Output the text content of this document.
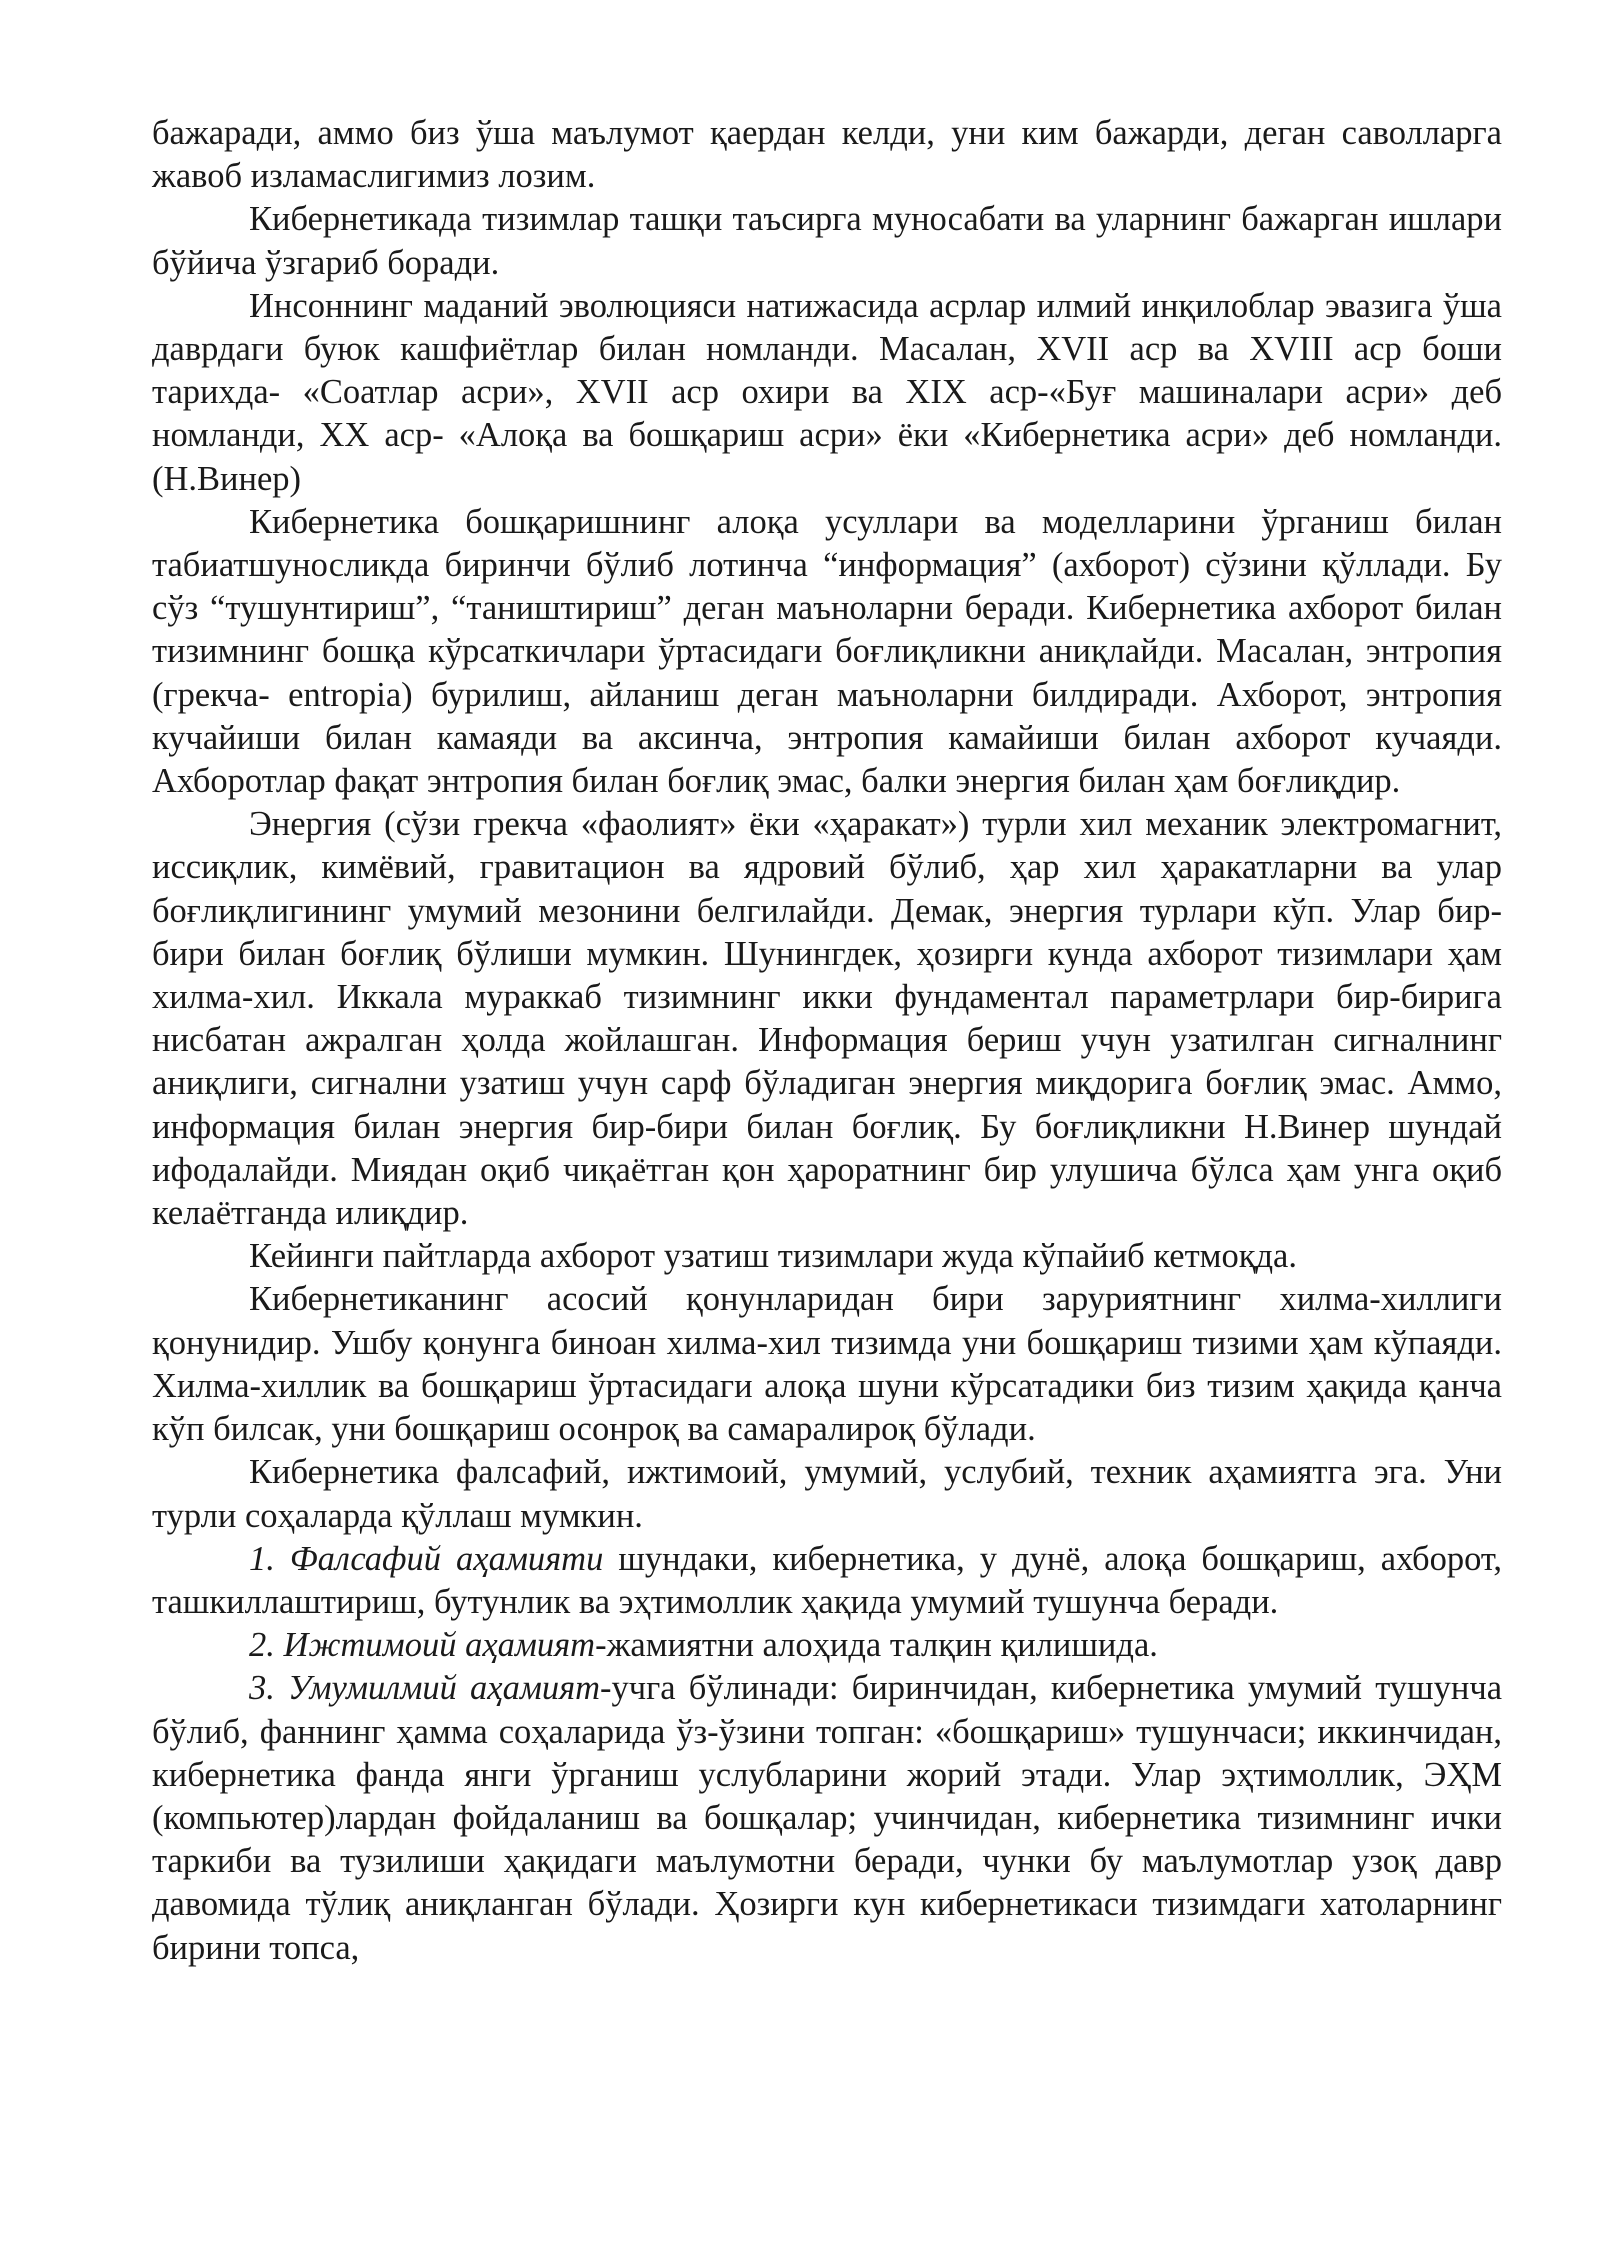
бажаради, аммо биз ўша маълумот қаердан келди, уни ким бажарди, деган саволларга жавоб изламаслигимиз лозим.

Кибернетикада тизимлар ташқи таъсирга муносабати ва уларнинг бажарган ишлари бўйича ўзгариб боради.

Инсоннинг маданий эволюцияси натижасида асрлар илмий инқилоблар эвазига ўша даврдаги буюк кашфиётлар билан номланди. Масалан, XVII аср ва XVIII аср боши тарихда- «Соатлар асри», XVII аср охири ва XIX аср-«Буғ машиналари асри» деб номланди, XX аср- «Алоқа ва бошқариш асри» ёки «Кибернетика асри» деб номланди. (Н.Винер)

Кибернетика бошқаришнинг алоқа усуллари ва моделларини ўрганиш билан табиатшуносликда биринчи бўлиб лотинча “информация” (ахборот) сўзини қўллади. Бу сўз “тушунтириш”, “таништириш” деган маъноларни беради. Кибернетика ахборот билан тизимнинг бошқа кўрсаткичлари ўртасидаги боғлиқликни аниқлайди. Масалан, энтропия (грекча- entropia) бурилиш, айланиш деган маъноларни билдиради. Ахборот, энтропия кучайиши билан камаяди ва аксинча, энтропия камайиши билан ахборот кучаяди. Ахборотлар фақат энтропия билан боғлиқ эмас, балки энергия билан ҳам боғлиқдир.

Энергия (сўзи грекча «фаолият» ёки «ҳаракат») турли хил механик электромагнит, иссиқлик, кимёвий, гравитацион ва ядровий бўлиб, ҳар хил ҳаракатларни ва улар боғлиқлигининг умумий мезонини белгилайди. Демак, энергия турлари кўп. Улар бир-бири билан боғлиқ бўлиши мумкин. Шунингдек, ҳозирги кунда ахборот тизимлари ҳам хилма-хил. Иккала мураккаб тизимнинг икки фундаментал параметрлари бир-бирига нисбатан ажралган ҳолда жойлашган. Информация бериш учун узатилган сигналнинг аниқлиги, сигнални узатиш учун сарф бўладиган энергия миқдорига боғлиқ эмас. Аммо, информация билан энергия бир-бири билан боғлиқ. Бу боғлиқликни Н.Винер шундай ифодалайди. Миядан оқиб чиқаётган қон ҳароратнинг бир улушича бўлса ҳам унга оқиб келаётганда илиқдир.

Кейинги пайтларда ахборот узатиш тизимлари жуда кўпайиб кетмоқда.

Кибернетиканинг асосий қонунларидан бири заруриятнинг хилма-хиллиги қонунидир. Ушбу қонунга биноан хилма-хил тизимда уни бошқариш тизими ҳам кўпаяди. Хилма-хиллик ва бошқариш ўртасидаги алоқа шуни кўрсатадики биз тизим ҳақида қанча кўп билсак, уни бошқариш осонроқ ва самаралироқ бўлади.

Кибернетика фалсафий, ижтимоий, умумий, услубий, техник аҳамиятга эга. Уни турли соҳаларда қўллаш мумкин.

1. Фалсафий аҳамияти шундаки, кибернетика, у дунё, алоқа бошқариш, ахборот, ташкиллаштириш, бутунлик ва эҳтимоллик ҳақида умумий тушунча беради.

2. Ижтимоий аҳамият-жамиятни алоҳида талқин қилишида.

3. Умумилмий аҳамият-учга бўлинади: биринчидан, кибернетика умумий тушунча бўлиб, фаннинг ҳамма соҳаларида ўз-ўзини топган: «бошқариш» тушунчаси; иккинчидан, кибернетика фанда янги ўрганиш услубларини жорий этади. Улар эҳтимоллик, ЭҲМ (компьютер)лардан фойдаланиш ва бошқалар; учинчидан, кибернетика тизимнинг ички таркиби ва тузилиши ҳақидаги маълумотни беради, чунки бу маълумотлар узоқ давр давомида тўлиқ аниқланган бўлади. Ҳозирги кун кибернетикаси тизимдаги хатоларнинг бирини топса,
